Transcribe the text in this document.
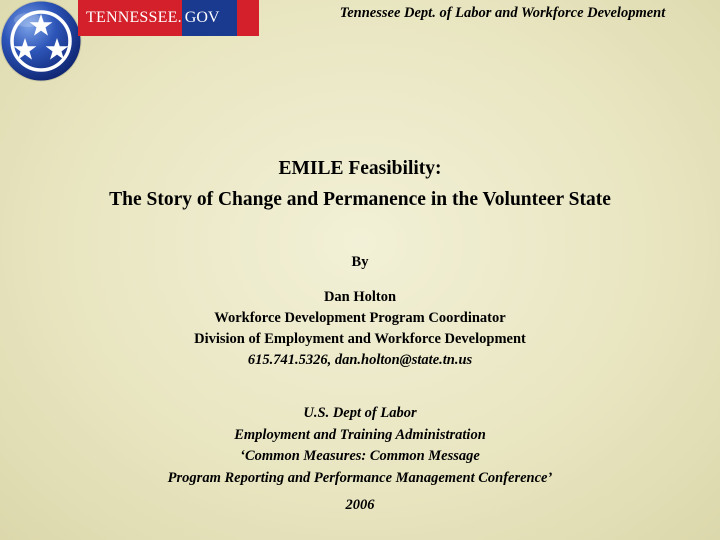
TENNESSEE. GOV	Tennessee Dept. of Labor and Workforce Development
EMILE Feasibility:
The Story of Change and Permanence in the Volunteer State
By
Dan Holton
Workforce Development Program Coordinator
Division of Employment and Workforce Development
615.741.5326, dan.holton@state.tn.us
U.S. Dept of Labor
Employment and Training Administration
‘Common Measures: Common Message
Program Reporting and Performance Management Conference’
2006
